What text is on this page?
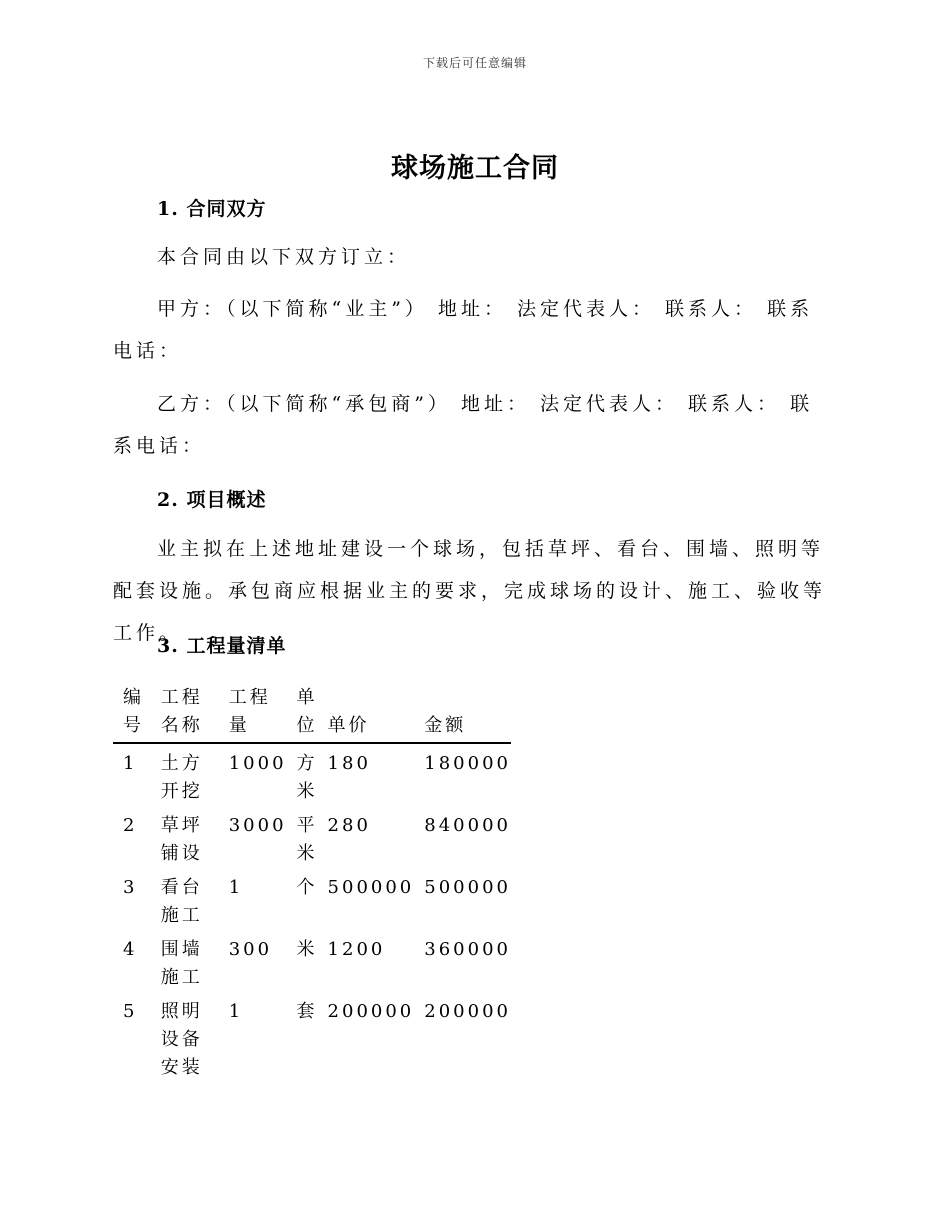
下载后可任意编辑
球场施工合同
1. 合同双方
本合同由以下双方订立：
甲方：（以下简称“业主”） 地址： 法定代表人： 联系人： 联系电话：
乙方：（以下简称“承包商”） 地址： 法定代表人： 联系人： 联系电话：
2. 项目概述
业主拟在上述地址建设一个球场，包括草坪、看台、围墙、照明等配套设施。承包商应根据业主的要求，完成球场的设计、施工、验收等工作。
3. 工程量清单
编号	工程名称	工程量	单位	单价	金额
1	土方开挖	1000	方米	180	180000
2	草坪铺设	3000	平米	280	840000
3	看台施工	1	个	500000	500000
4	围墙施工	300	米	1200	360000
5	照明设备安装	1	套	200000	200000
